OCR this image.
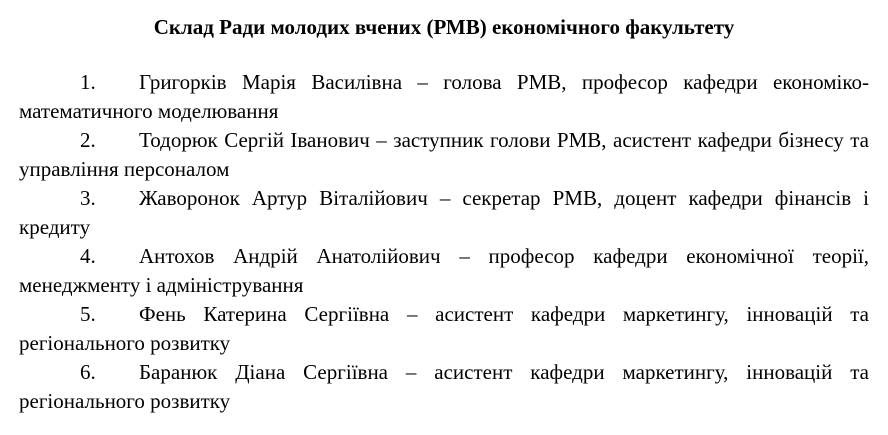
Склад Ради молодих вчених (РМВ) економічного факультету
1. Григорків Марія Василівна – голова РМВ, професор кафедри економіко-математичного моделювання
2. Тодорюк Сергій Іванович – заступник голови РМВ, асистент кафедри бізнесу та управління персоналом
3. Жаворонок Артур Віталійович – секретар РМВ, доцент кафедри фінансів і кредиту
4. Антохов Андрій Анатолійович – професор кафедри економічної теорії, менеджменту і адміністрування
5. Фень Катерина Сергіївна – асистент кафедри маркетингу, інновацій та регіонального розвитку
6. Баранюк Діана Сергіївна – асистент кафедри маркетингу, інновацій та регіонального розвитку
